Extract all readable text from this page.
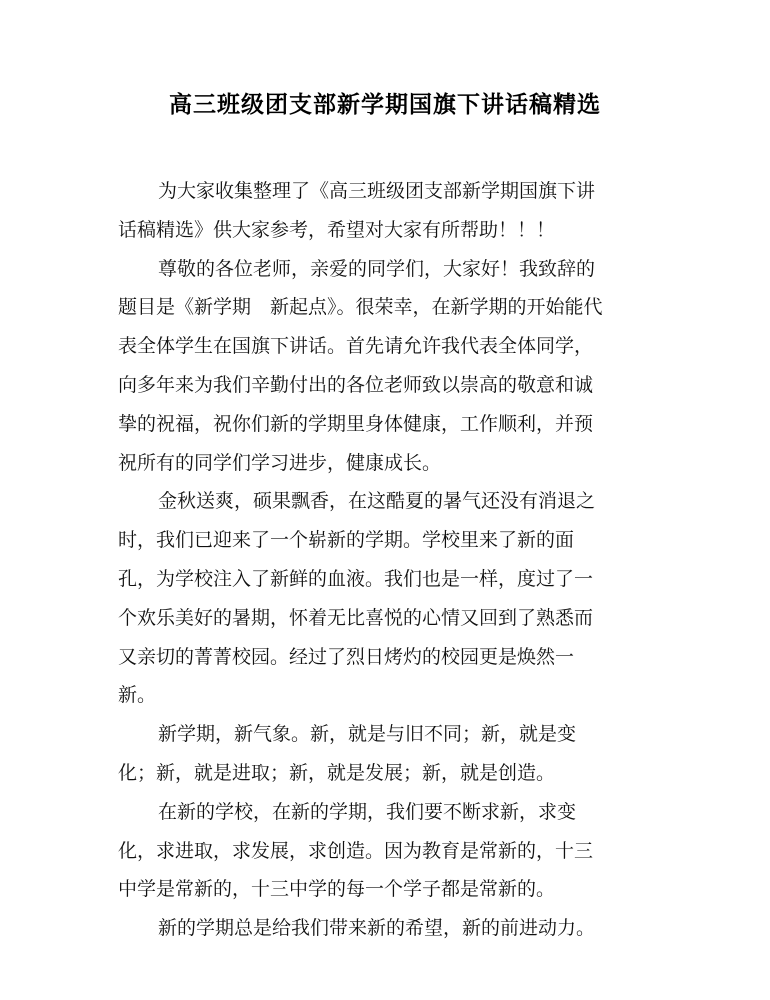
高三班级团支部新学期国旗下讲话稿精选
为大家收集整理了《高三班级团支部新学期国旗下讲
话稿精选》供大家参考，希望对大家有所帮助！！！
尊敬的各位老师，亲爱的同学们，大家好！我致辞的
题目是《新学期　新起点》。很荣幸，在新学期的开始能代
表全体学生在国旗下讲话。首先请允许我代表全体同学，
向多年来为我们辛勤付出的各位老师致以崇高的敬意和诚
挚的祝福，祝你们新的学期里身体健康，工作顺利，并预
祝所有的同学们学习进步，健康成长。
金秋送爽，硕果飘香，在这酷夏的暑气还没有消退之
时，我们已迎来了一个崭新的学期。学校里来了新的面
孔，为学校注入了新鲜的血液。我们也是一样，度过了一
个欢乐美好的暑期，怀着无比喜悦的心情又回到了熟悉而
又亲切的菁菁校园。经过了烈日烤灼的校园更是焕然一
新。
新学期，新气象。新，就是与旧不同；新，就是变
化；新，就是进取；新，就是发展；新，就是创造。
在新的学校，在新的学期，我们要不断求新，求变
化，求进取，求发展，求创造。因为教育是常新的，十三
中学是常新的，十三中学的每一个学子都是常新的。
新的学期总是给我们带来新的希望，新的前进动力。
